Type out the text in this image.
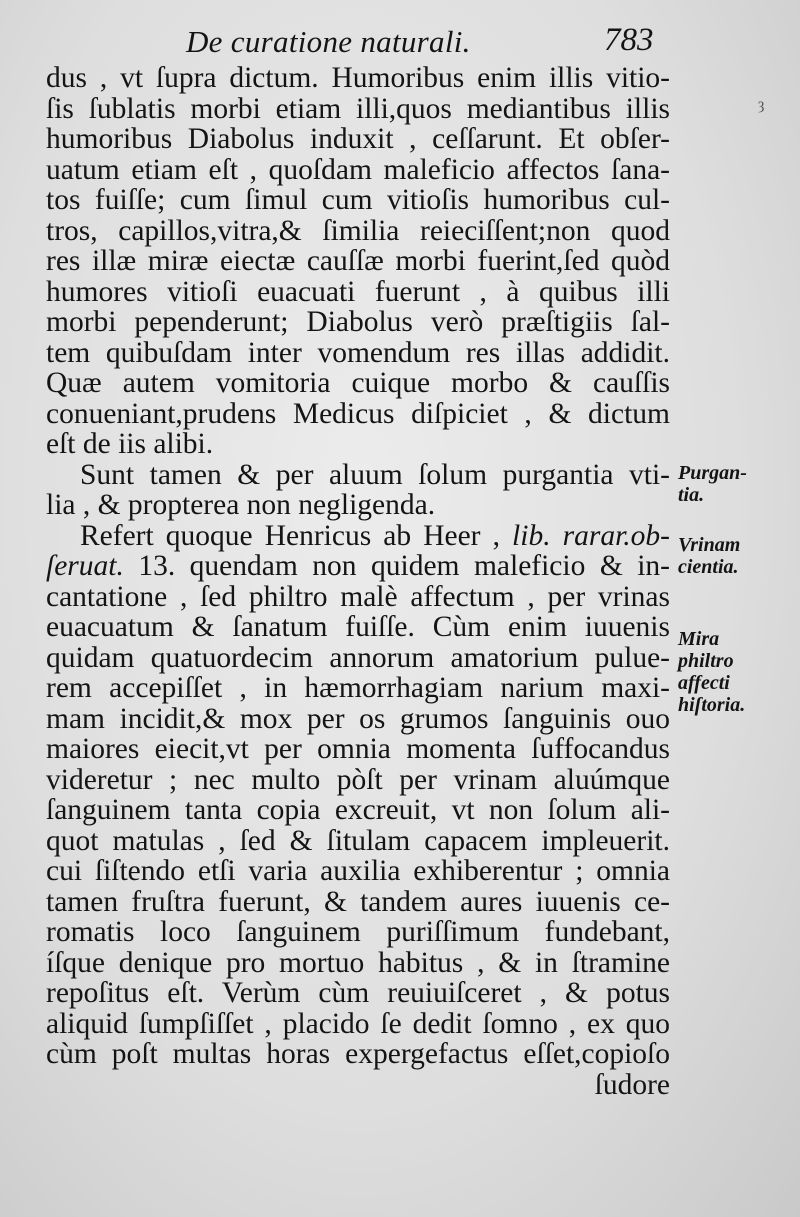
De curatione naturali.	783
ȝ
dus , vt ſupra dictum. Humoribus enim illis vitio-
ſis ſublatis morbi etiam illi,quos mediantibus illis
humoribus Diabolus induxit , ceſſarunt. Et obſer-
uatum etiam eſt , quoſdam maleficio affectos ſana-
tos fuiſſe; cum ſimul cum vitioſis humoribus cul-
tros, capillos,vitra,& ſimilia reieciſſent;non quod
res illæ miræ eiectæ cauſſæ morbi fuerint,ſed quòd
humores vitioſi euacuati fuerunt , à quibus illi
morbi pependerunt; Diabolus verò præſtigiis ſal-
tem quibuſdam inter vomendum res illas addidit.
Quæ autem vomitoria cuique morbo & cauſſis
conueniant,prudens Medicus diſpiciet , & dictum
eſt de iis alibi.
Sunt tamen & per aluum ſolum purgantia vti-
lia , & propterea non negligenda.
Refert quoque Henricus ab Heer , lib. rarar.ob-
ſeruat. 13. quendam non quidem maleficio & in-
cantatione , ſed philtro malè affectum , per vrinas
euacuatum & ſanatum fuiſſe. Cùm enim iuuenis
quidam quatuordecim annorum amatorium pulue-
rem accepiſſet , in hæmorrhagiam narium maxi-
mam incidit,& mox per os grumos ſanguinis ouo
maiores eiecit,vt per omnia momenta ſuffocandus
videretur ; nec multo pòſt per vrinam aluúmque
ſanguinem tanta copia excreuit, vt non ſolum ali-
quot matulas , ſed & ſitulam capacem impleuerit.
cui ſiſtendo etſi varia auxilia exhiberentur ; omnia
tamen fruſtra fuerunt, & tandem aures iuuenis ce-
romatis loco ſanguinem puriſſimum fundebant,
íſque denique pro mortuo habitus , & in ſtramine
repoſitus eſt. Verùm cùm reuiuiſceret , & potus
aliquid ſumpſiſſet , placido ſe dedit ſomno , ex quo
cùm poſt multas horas expergefactus eſſet,copioſo
ſudore
Purgan-
tia.
Vrinam
cientia.
Mira
philtro
affecti
hiſtoria.
